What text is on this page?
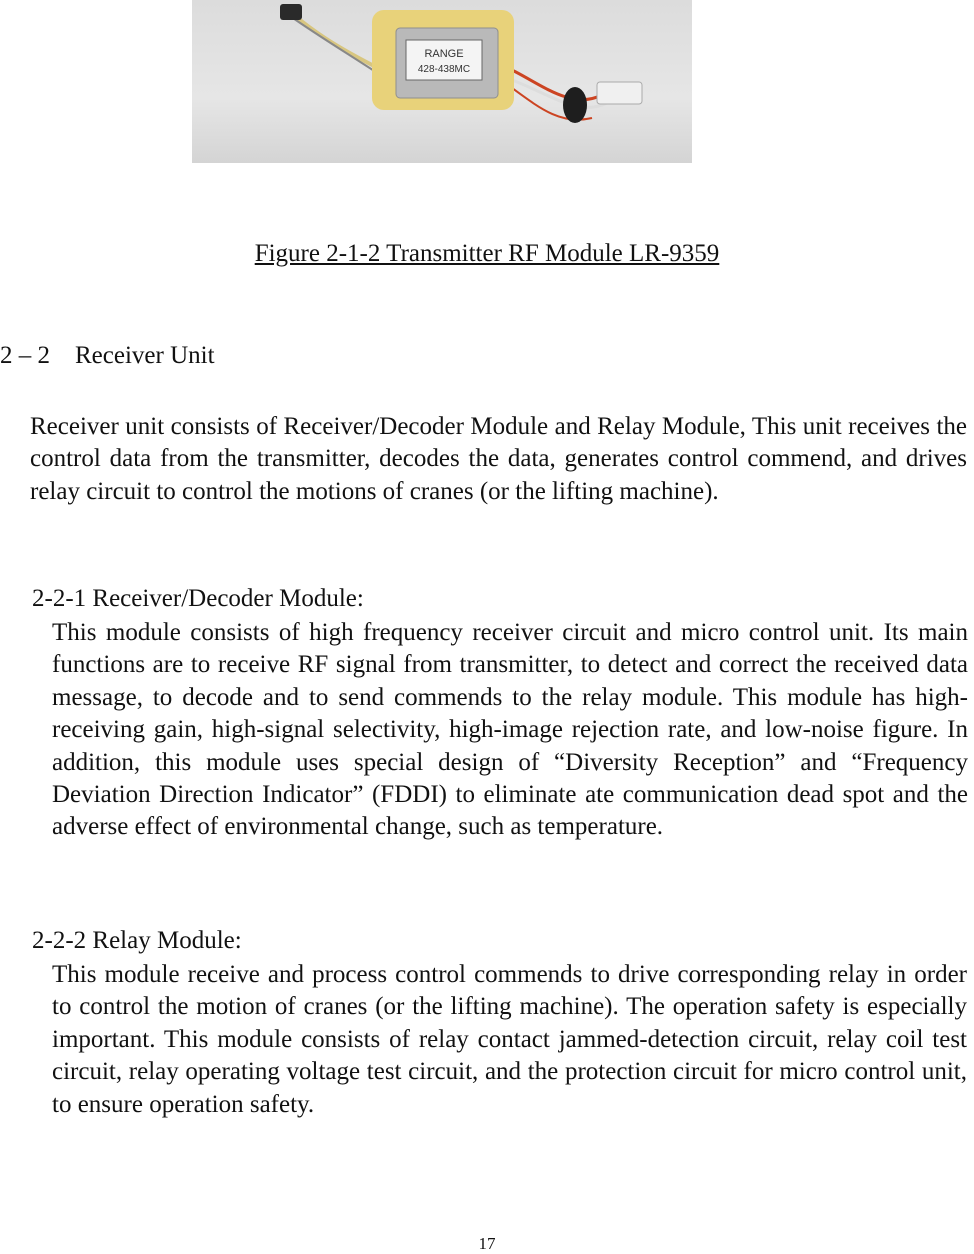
RANGE
428-438MC
Figure 2-1-2 Transmitter RF Module LR-9359
2 – 2 Receiver Unit

Receiver unit consists of Receiver/Decoder Module and Relay Module, This unit receives the control data from the transmitter, decodes the data, generates control commend, and drives relay circuit to control the motions of cranes (or the lifting machine).

2-2-1 Receiver/Decoder Module:

This module consists of high frequency receiver circuit and micro control unit. Its main functions are to receive RF signal from transmitter, to detect and correct the received data message, to decode and to send commends to the relay module. This module has high-receiving gain, high-signal selectivity, high-image rejection rate, and low-noise figure. In addition, this module uses special design of “Diversity Reception” and “Frequency Deviation Direction Indicator” (FDDI) to eliminate ate communication dead spot and the adverse effect of environmental change, such as temperature.

2-2-2 Relay Module:

This module receive and process control commends to drive corresponding relay in order to control the motion of cranes (or the lifting machine). The operation safety is especially important. This module consists of relay contact jammed-detection circuit, relay coil test circuit, relay operating voltage test circuit, and the protection circuit for micro control unit, to ensure operation safety.

17
